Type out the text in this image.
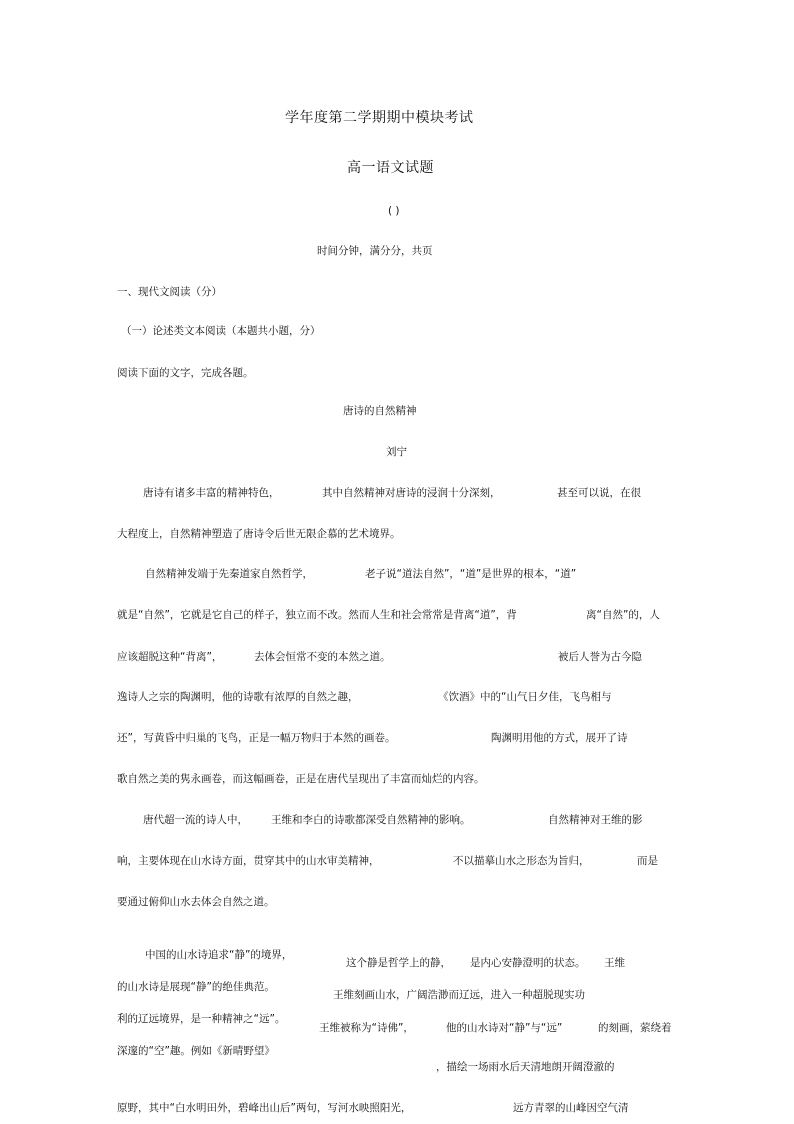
学年度第二学期期中模块考试
高一语文试题
( )
时间分钟，满分分，共页
一、现代文阅读（分）
（一）论述类文本阅读（本题共小题，分）
阅读下面的文字，完成各题。
唐诗的自然精神
刘宁
唐诗有诸多丰富的精神特色，	其中自然精神对唐诗的浸润十分深刻，	甚至可以说，在很
大程度上，自然精神塑造了唐诗令后世无限企慕的艺术境界。
自然精神发端于先秦道家自然哲学，	老子说“道法自然”，“道”是世界的根本，“道”
就是“自然”，它就是它自己的样子，独立而不改。然而人生和社会常常是背离“道”，背	离“自然”的，人
应该超脱这种“背离”，	去体会恒常不变的本然之道。	被后人誉为古今隐
逸诗人之宗的陶渊明，他的诗歌有浓厚的自然之趣，	《饮酒》中的“山气日夕佳，飞鸟相与
还”，写黄昏中归巢的飞鸟，正是一幅万物归于本然的画卷。	陶渊明用他的方式，展开了诗
歌自然之美的隽永画卷，而这幅画卷，正是在唐代呈现出了丰富而灿烂的内容。
唐代超一流的诗人中， 王维和李白的诗歌都深受自然精神的影响。	自然精神对王维的影
响，主要体现在山水诗方面，贯穿其中的山水审美精神，	不以描摹山水之形态为旨归，	而是
要通过俯仰山水去体会自然之道。
中国的山水诗追求“静”的境界，
这个静是哲学上的静， 是内心安静澄明的状态。 王维
的山水诗是展现“静”的绝佳典范。
王维刻画山水，广阔浩渺而辽远，进入一种超脱现实功
利的辽远境界，是一种精神之“远”。
王维被称为“诗佛”，	他的山水诗对“静”与“远”	的刻画，萦绕着
深邃的“空”趣。例如《新晴野望》
，描绘一场雨水后天清地朗开阔澄澈的
原野，其中“白水明田外，碧峰出山后”两句，写河水映照阳光，	远方青翠的山峰因空气清
